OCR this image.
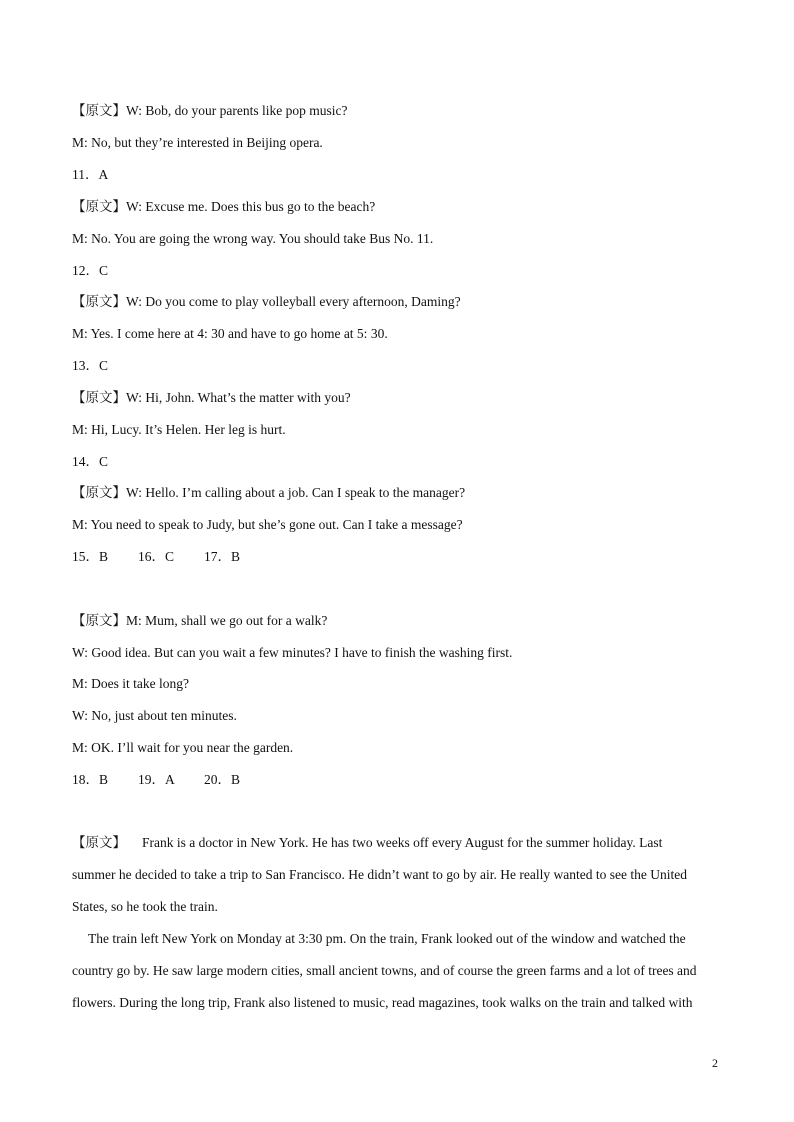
【原文】W: Bob, do your parents like pop music?
M: No, but they’re interested in Beijing opera.
11．A
【原文】W: Excuse me. Does this bus go to the beach?
M: No. You are going the wrong way. You should take Bus No. 11.
12．C
【原文】W: Do you come to play volleyball every afternoon, Daming?
M: Yes. I come here at 4: 30 and have to go home at 5: 30.
13．C
【原文】W: Hi, John. What’s the matter with you?
M: Hi, Lucy. It’s Helen. Her leg is hurt.
14．C
【原文】W: Hello. I’m calling about a job. Can I speak to the manager?
M: You need to speak to Judy, but she’s gone out. Can I take a message?
15．B 16．C 17．B
【原文】M: Mum, shall we go out for a walk?
W: Good idea. But can you wait a few minutes? I have to finish the washing first.
M: Does it take long?
W: No, just about ten minutes.
M: OK. I’ll wait for you near the garden.
18．B 19．A 20．B
【原文】 Frank is a doctor in New York. He has two weeks off every August for the summer holiday. Last
summer he decided to take a trip to San Francisco. He didn’t want to go by air. He really wanted to see the United
States, so he took the train.
The train left New York on Monday at 3:30 pm. On the train, Frank looked out of the window and watched the
country go by. He saw large modern cities, small ancient towns, and of course the green farms and a lot of trees and
flowers. During the long trip, Frank also listened to music, read magazines, took walks on the train and talked with
2
